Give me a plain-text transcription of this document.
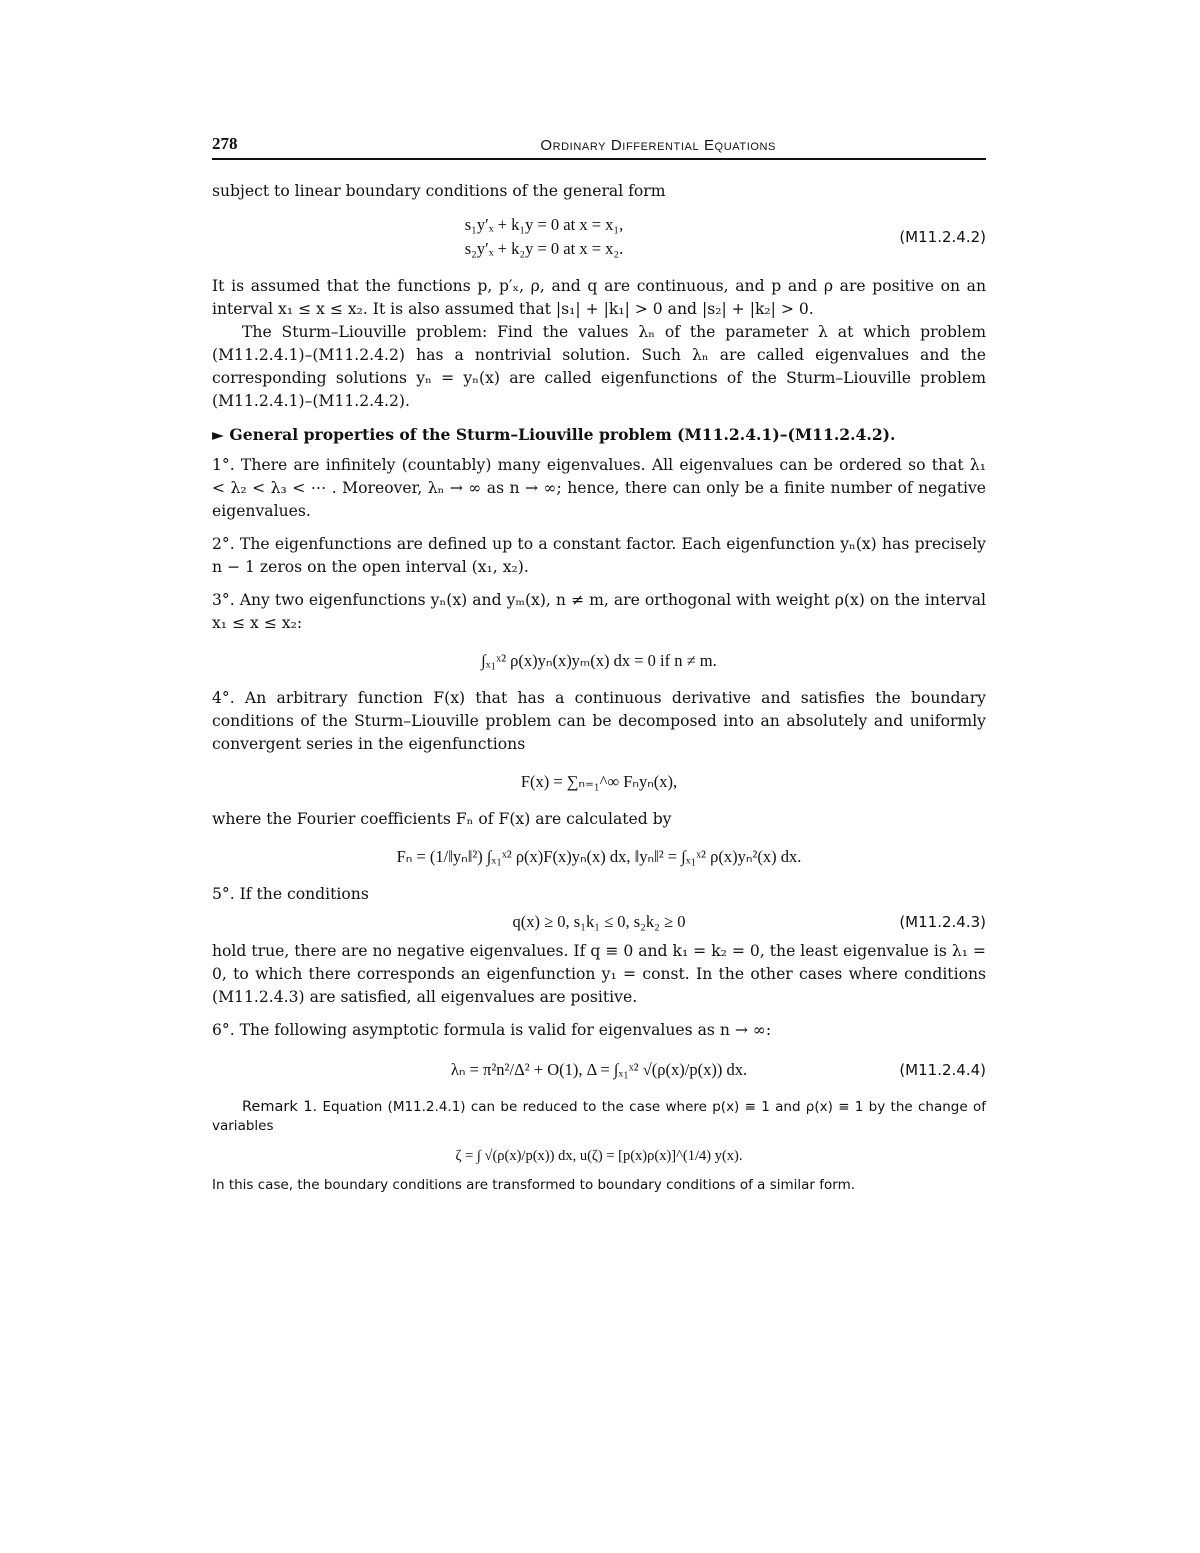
278	Ordinary Differential Equations

subject to linear boundary conditions of the general form

s₁y′ₓ + k₁y = 0 at x = x₁,
s₂y′ₓ + k₂y = 0 at x = x₂.
(M11.2.4.2)

It is assumed that the functions p, p′ₓ, ρ, and q are continuous, and p and ρ are positive on an interval x₁ ≤ x ≤ x₂. It is also assumed that |s₁| + |k₁| > 0 and |s₂| + |k₂| > 0.

The Sturm–Liouville problem: Find the values λₙ of the parameter λ at which problem (M11.2.4.1)–(M11.2.4.2) has a nontrivial solution. Such λₙ are called eigenvalues and the corresponding solutions yₙ = yₙ(x) are called eigenfunctions of the Sturm–Liouville problem (M11.2.4.1)–(M11.2.4.2).

► General properties of the Sturm–Liouville problem (M11.2.4.1)–(M11.2.4.2).

1°. There are infinitely (countably) many eigenvalues. All eigenvalues can be ordered so that λ₁ < λ₂ < λ₃ < ⋯ . Moreover, λₙ → ∞ as n → ∞; hence, there can only be a finite number of negative eigenvalues.

2°. The eigenfunctions are defined up to a constant factor. Each eigenfunction yₙ(x) has precisely n − 1 zeros on the open interval (x₁, x₂).

3°. Any two eigenfunctions yₙ(x) and yₘ(x), n ≠ m, are orthogonal with weight ρ(x) on the interval x₁ ≤ x ≤ x₂:

∫ₓ₁ˣ² ρ(x)yₙ(x)yₘ(x) dx = 0 if n ≠ m.

4°. An arbitrary function F(x) that has a continuous derivative and satisfies the boundary conditions of the Sturm–Liouville problem can be decomposed into an absolutely and uniformly convergent series in the eigenfunctions

F(x) = ∑ₙ₌₁^∞ Fₙyₙ(x),

where the Fourier coefficients Fₙ of F(x) are calculated by

Fₙ = (1/‖yₙ‖²) ∫ₓ₁ˣ² ρ(x)F(x)yₙ(x) dx, ‖yₙ‖² = ∫ₓ₁ˣ² ρ(x)yₙ²(x) dx.

5°. If the conditions

q(x) ≥ 0, s₁k₁ ≤ 0, s₂k₂ ≥ 0	(M11.2.4.3)

hold true, there are no negative eigenvalues. If q ≡ 0 and k₁ = k₂ = 0, the least eigenvalue is λ₁ = 0, to which there corresponds an eigenfunction y₁ = const. In the other cases where conditions (M11.2.4.3) are satisfied, all eigenvalues are positive.

6°. The following asymptotic formula is valid for eigenvalues as n → ∞:

λₙ = π²n²/Δ² + O(1), Δ = ∫ₓ₁ˣ² √(ρ(x)/p(x)) dx.	(M11.2.4.4)

Remark 1. Equation (M11.2.4.1) can be reduced to the case where p(x) ≡ 1 and ρ(x) ≡ 1 by the change of variables

ζ = ∫ √(ρ(x)/p(x)) dx, u(ζ) = [p(x)ρ(x)]^(1/4) y(x).

In this case, the boundary conditions are transformed to boundary conditions of a similar form.
